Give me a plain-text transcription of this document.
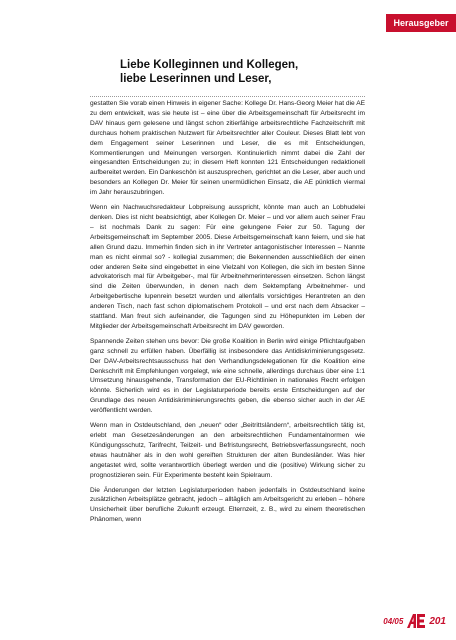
Herausgeber
Liebe Kolleginnen und Kollegen,
liebe Leserinnen und Leser,

gestatten Sie vorab einen Hinweis in eigener Sache: Kollege Dr. Hans-Georg Meier hat die AE zu dem entwickelt, was sie heute ist – eine über die Arbeitsgemeinschaft für Arbeitsrecht im DAV hinaus gern gelesene und längst schon zitierfähige arbeitsrechtliche Fachzeitschrift mit durchaus hohem praktischen Nutzwert für Arbeitsrechtler aller Couleur. Dieses Blatt lebt von dem Engagement seiner Leserinnen und Leser, die es mit Entscheidungen, Kommentierungen und Meinungen versorgen. Kontinuierlich nimmt dabei die Zahl der eingesandten Entscheidungen zu; in diesem Heft konnten 121 Entscheidungen redaktionell aufbereitet werden. Ein Dankeschön ist auszusprechen, gerichtet an die Leser, aber auch und besonders an Kollegen Dr. Meier für seinen unermüdlichen Einsatz, die AE pünktlich viermal im Jahr herauszubringen.

Wenn ein Nachwuchsredakteur Lobpreisung ausspricht, könnte man auch an Lobhudelei denken. Dies ist nicht beabsichtigt, aber Kollegen Dr. Meier – und vor allem auch seiner Frau – ist nochmals Dank zu sagen: Für eine gelungene Feier zur 50. Tagung der Arbeitsgemeinschaft im September 2005. Diese Arbeitsgemeinschaft kann feiern, und sie hat allen Grund dazu. Immerhin finden sich in ihr Vertreter antagonistischer Interessen – Nannte man es nicht einmal so? - kollegial zusammen; die Bekennenden ausschließlich der einen oder anderen Seite sind eingebettet in eine Vielzahl von Kollegen, die sich im besten Sinne advokatorisch mal für Arbeitgeber-, mal für Arbeitnehmerinteressen einsetzen. Schon längst sind die Zeiten überwunden, in denen nach dem Sektempfang Arbeitnehmer- und Arbeitgebertische lupenrein besetzt wurden und allenfalls vorsichtiges Herantreten an den anderen Tisch, nach fast schon diplomatischem Protokoll – und erst nach dem Absacker – stattfand. Man freut sich aufeinander, die Tagungen sind zu Höhepunkten im Leben der Mitglieder der Arbeitsgemeinschaft Arbeitsrecht im DAV geworden.

Spannende Zeiten stehen uns bevor: Die große Koalition in Berlin wird einige Pflichtaufgaben ganz schnell zu erfüllen haben. Überfällig ist insbesondere das Antidiskriminierungsgesetz. Der DAV-Arbeitsrechtsausschuss hat den Verhandlungsdelegationen für die Koalition eine Denkschrift mit Empfehlungen vorgelegt, wie eine schnelle, allerdings durchaus über eine 1:1 Umsetzung hinausgehende, Transformation der EU-Richtlinien in nationales Recht erfolgen könnte. Sicherlich wird es in der Legislaturperiode bereits erste Entscheidungen auf der Grundlage des neuen Antidiskriminierungsrechts geben, die ebenso sicher auch in der AE veröffentlicht werden.

Wenn man in Ostdeutschland, den „neuen“ oder „Beitrittsländern“, arbeitsrechtlich tätig ist, erlebt man Gesetzesänderungen an den arbeitsrechtlichen Fundamentalnormen wie Kündigungsschutz, Tarifrecht, Teilzeit- und Befristungsrecht, Betriebsverfassungsrecht, noch etwas hautnäher als in den wohl gereiften Strukturen der alten Bundesländer. Was hier angetastet wird, sollte verantwortlich überlegt werden und die (positive) Wirkung sicher zu prognostizieren sein. Für Experimente besteht kein Spielraum.

Die Änderungen der letzten Legislaturperioden haben jedenfalls in Ostdeutschland keine zusätzlichen Arbeitsplätze gebracht, jedoch – alltäglich am Arbeitsgericht zu erleben – höhere Unsicherheit über berufliche Zukunft erzeugt. Elternzeit, z. B., wird zu einem theoretischen Phänomen, wenn

04/05	201
